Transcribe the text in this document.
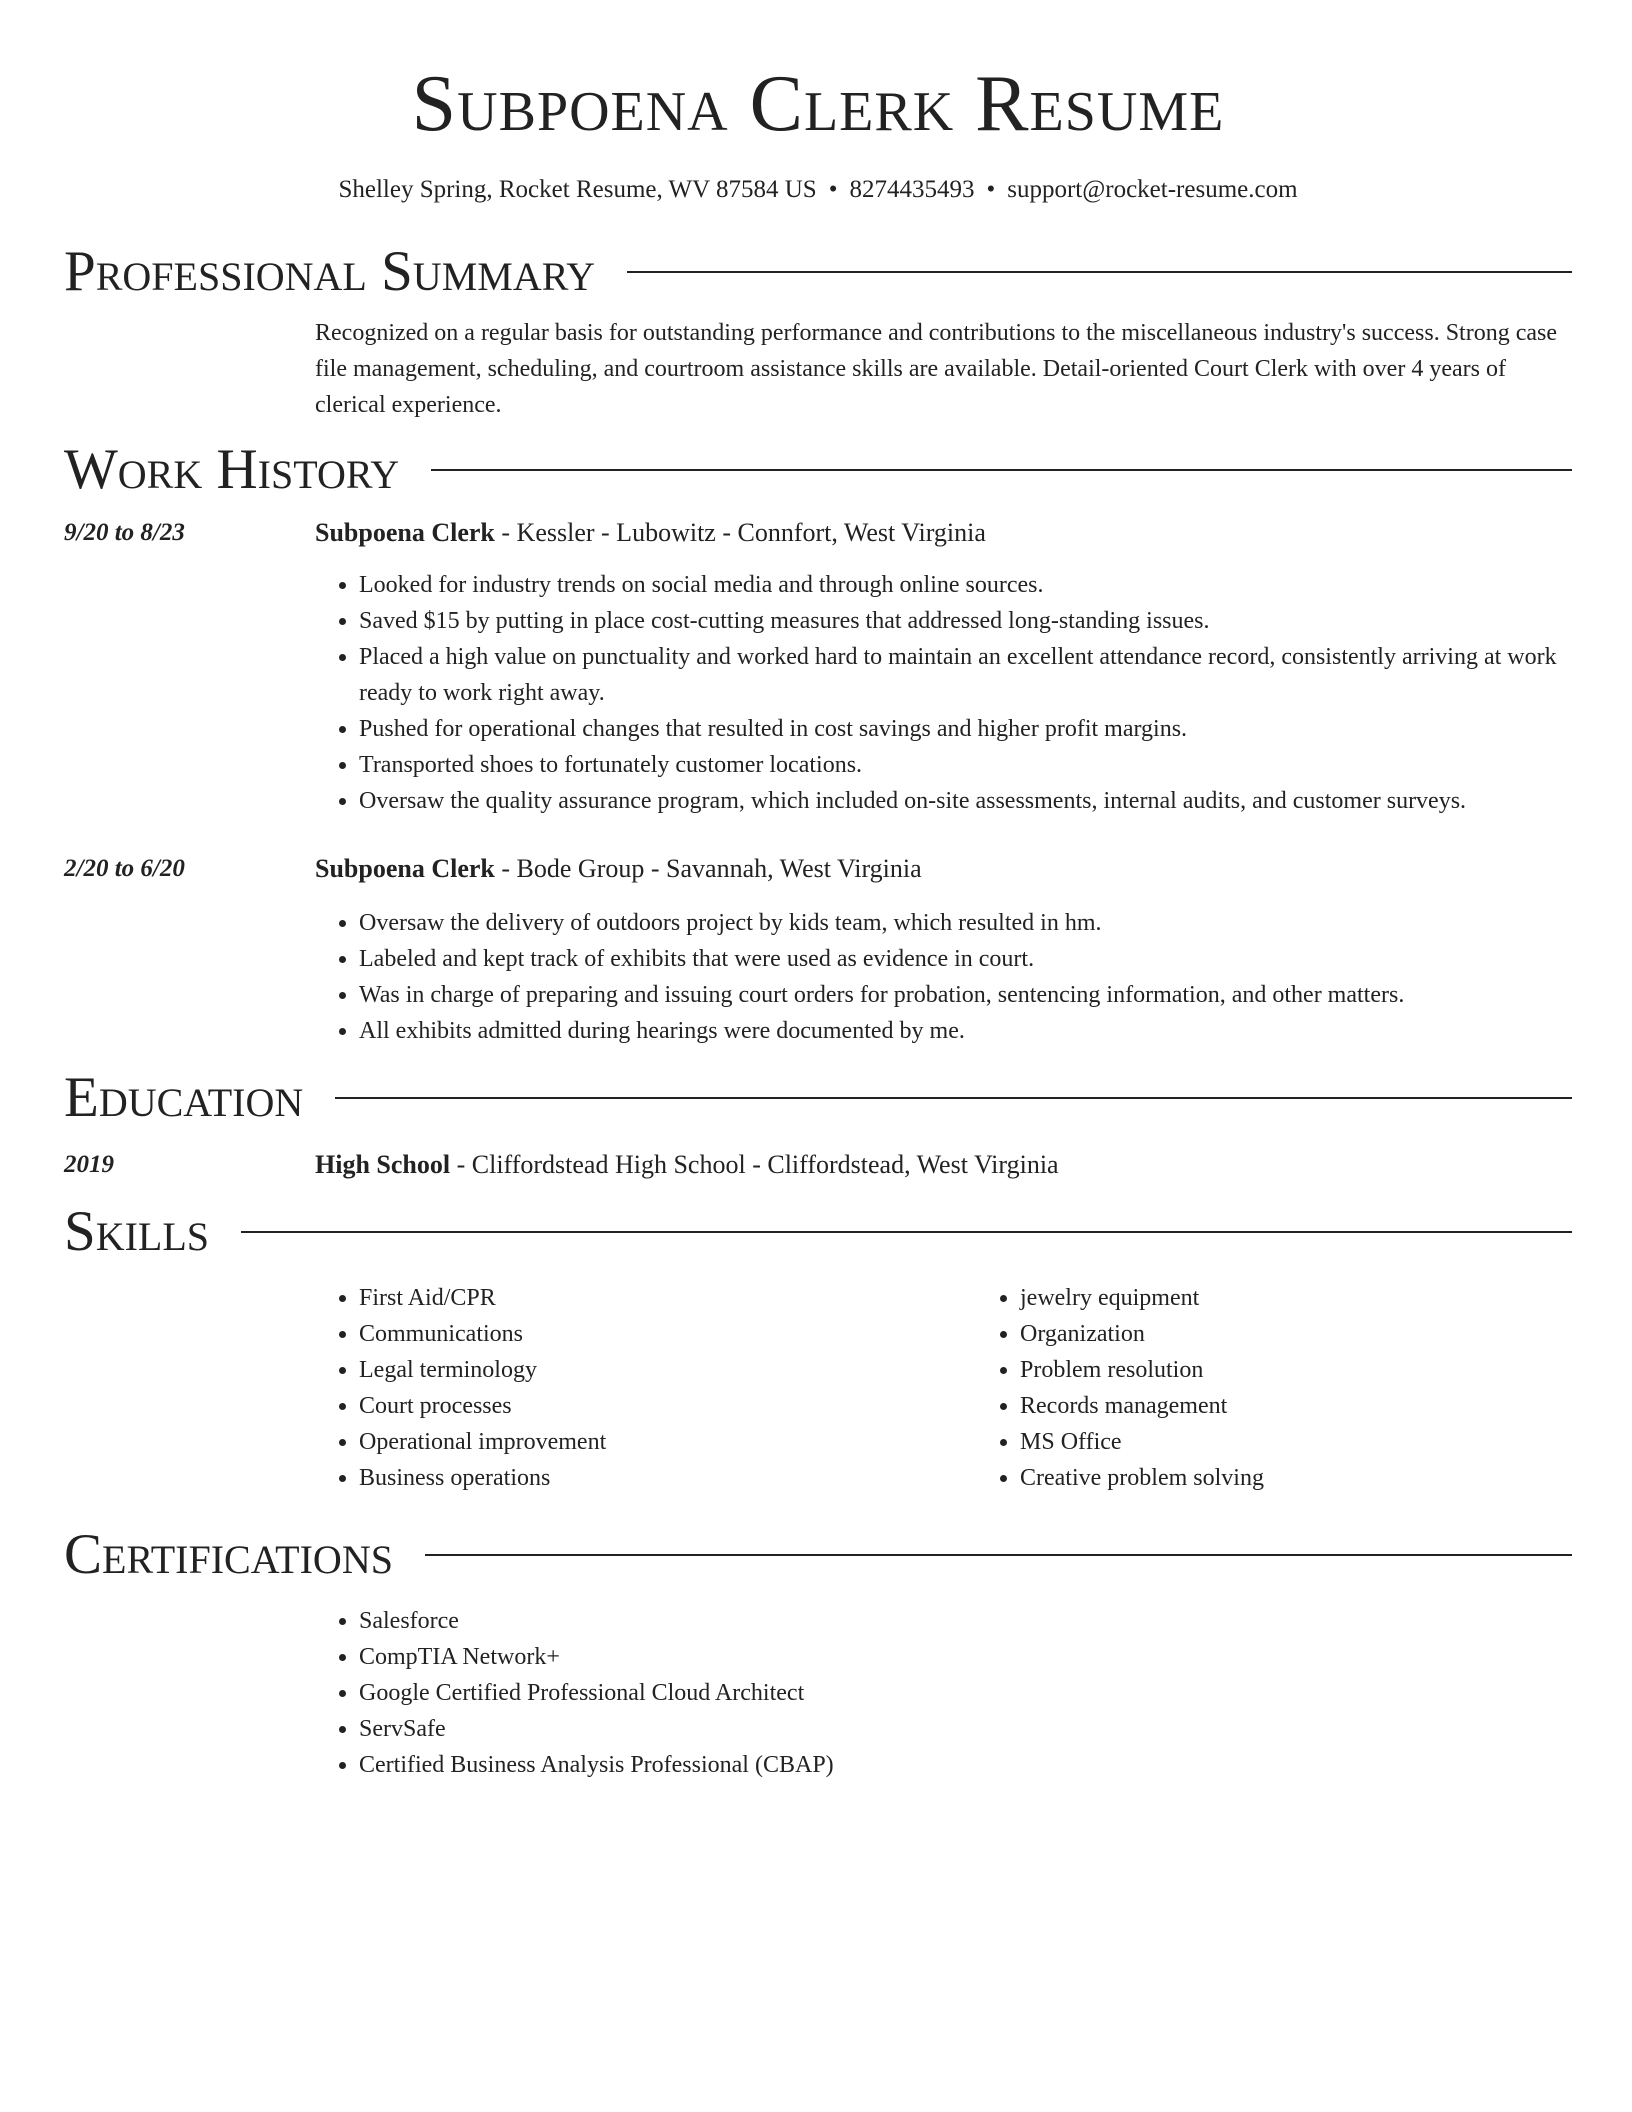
Subpoena Clerk Resume
Shelley Spring, Rocket Resume, WV 87584 US • 8274435493 • support@rocket-resume.com
Professional Summary
Recognized on a regular basis for outstanding performance and contributions to the miscellaneous industry's success. Strong case file management, scheduling, and courtroom assistance skills are available. Detail-oriented Court Clerk with over 4 years of clerical experience.
Work History
9/20 to 8/23	Subpoena Clerk - Kessler - Lubowitz - Connfort, West Virginia
• Looked for industry trends on social media and through online sources.
• Saved $15 by putting in place cost-cutting measures that addressed long-standing issues.
• Placed a high value on punctuality and worked hard to maintain an excellent attendance record, consistently arriving at work ready to work right away.
• Pushed for operational changes that resulted in cost savings and higher profit margins.
• Transported shoes to fortunately customer locations.
• Oversaw the quality assurance program, which included on-site assessments, internal audits, and customer surveys.
2/20 to 6/20	Subpoena Clerk - Bode Group - Savannah, West Virginia
• Oversaw the delivery of outdoors project by kids team, which resulted in hm.
• Labeled and kept track of exhibits that were used as evidence in court.
• Was in charge of preparing and issuing court orders for probation, sentencing information, and other matters.
• All exhibits admitted during hearings were documented by me.
Education
2019	High School - Cliffordstead High School - Cliffordstead, West Virginia
Skills
• First Aid/CPR
• Communications
• Legal terminology
• Court processes
• Operational improvement
• Business operations
• jewelry equipment
• Organization
• Problem resolution
• Records management
• MS Office
• Creative problem solving
Certifications
• Salesforce
• CompTIA Network+
• Google Certified Professional Cloud Architect
• ServSafe
• Certified Business Analysis Professional (CBAP)
